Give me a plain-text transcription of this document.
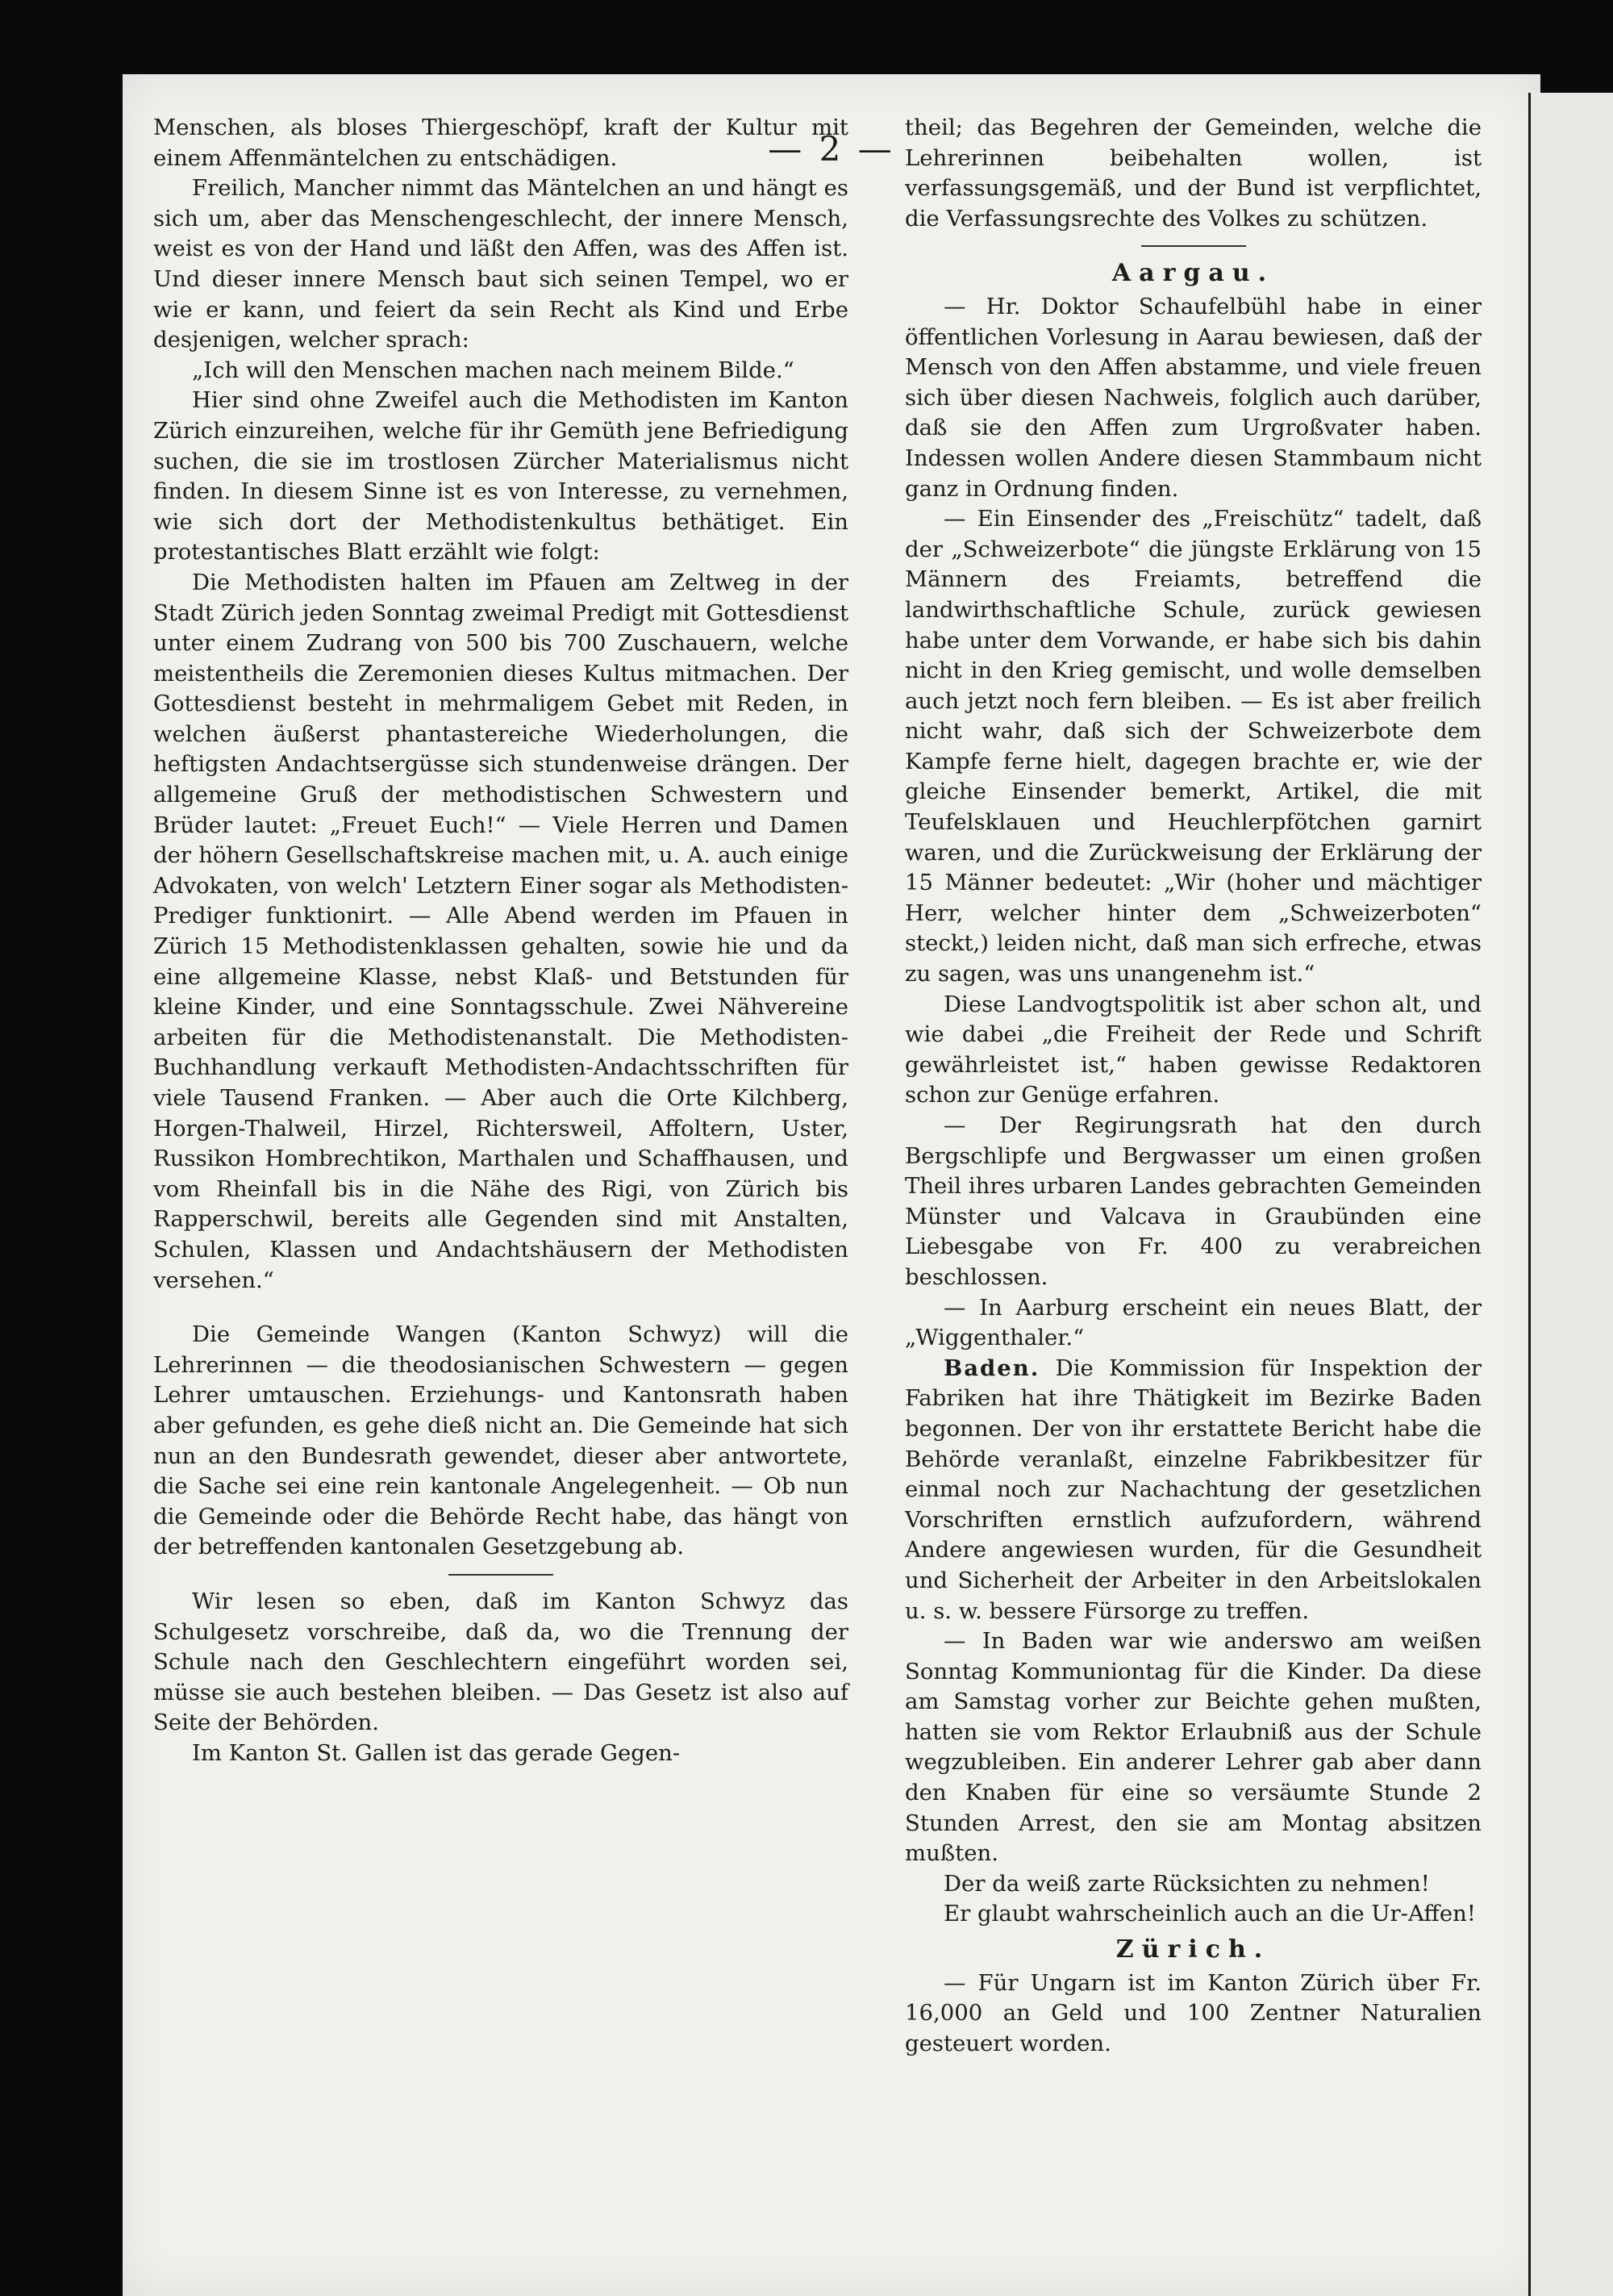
— 2 —

Menschen, als bloses Thiergeschöpf, kraft der Kultur mit einem Affenmäntelchen zu entschädigen.

Freilich, Mancher nimmt das Mäntelchen an und hängt es sich um, aber das Menschengeschlecht, der innere Mensch, weist es von der Hand und läßt den Affen, was des Affen ist. Und dieser innere Mensch baut sich seinen Tempel, wo er wie er kann, und feiert da sein Recht als Kind und Erbe desjenigen, welcher sprach:

„Ich will den Menschen machen nach meinem Bilde.“

Hier sind ohne Zweifel auch die Methodisten im Kanton Zürich einzureihen, welche für ihr Gemüth jene Befriedigung suchen, die sie im trostlosen Zürcher Materialismus nicht finden. In diesem Sinne ist es von Interesse, zu vernehmen, wie sich dort der Methodistenkultus bethätiget. Ein protestantisches Blatt erzählt wie folgt:

Die Methodisten halten im Pfauen am Zeltweg in der Stadt Zürich jeden Sonntag zweimal Predigt mit Gottesdienst unter einem Zudrang von 500 bis 700 Zuschauern, welche meistentheils die Zeremonien dieses Kultus mitmachen. Der Gottesdienst besteht in mehrmaligem Gebet mit Reden, in welchen äußerst phantastereiche Wiederholungen, die heftigsten Andachtsergüsse sich stundenweise drängen. Der allgemeine Gruß der methodistischen Schwestern und Brüder lautet: „Freuet Euch!“ — Viele Herren und Damen der höhern Gesellschaftskreise machen mit, u. A. auch einige Advokaten, von welch' Letztern Einer sogar als Methodisten-Prediger funktionirt. — Alle Abend werden im Pfauen in Zürich 15 Methodistenklassen gehalten, sowie hie und da eine allgemeine Klasse, nebst Klaß- und Betstunden für kleine Kinder, und eine Sonntagsschule. Zwei Nähvereine arbeiten für die Methodistenanstalt. Die Methodisten-Buchhandlung verkauft Methodisten-Andachtsschriften für viele Tausend Franken. — Aber auch die Orte Kilchberg, Horgen-Thalweil, Hirzel, Richtersweil, Affoltern, Uster, Russikon Hombrechtikon, Marthalen und Schaffhausen, und vom Rheinfall bis in die Nähe des Rigi, von Zürich bis Rapperschwil, bereits alle Gegenden sind mit Anstalten, Schulen, Klassen und Andachtshäusern der Methodisten versehen.“

Die Gemeinde Wangen (Kanton Schwyz) will die Lehrerinnen — die theodosianischen Schwestern — gegen Lehrer umtauschen. Erziehungs- und Kantonsrath haben aber gefunden, es gehe dieß nicht an. Die Gemeinde hat sich nun an den Bundesrath gewendet, dieser aber antwortete, die Sache sei eine rein kantonale Angelegenheit. — Ob nun die Gemeinde oder die Behörde Recht habe, das hängt von der betreffenden kantonalen Gesetzgebung ab.

Wir lesen so eben, daß im Kanton Schwyz das Schulgesetz vorschreibe, daß da, wo die Trennung der Schule nach den Geschlechtern eingeführt worden sei, müsse sie auch bestehen bleiben. — Das Gesetz ist also auf Seite der Behörden.

Im Kanton St. Gallen ist das gerade Gegen-

theil; das Begehren der Gemeinden, welche die Lehrerinnen beibehalten wollen, ist verfassungsgemäß, und der Bund ist verpflichtet, die Verfassungsrechte des Volkes zu schützen.

Aargau.

— Hr. Doktor Schaufelbühl habe in einer öffentlichen Vorlesung in Aarau bewiesen, daß der Mensch von den Affen abstamme, und viele freuen sich über diesen Nachweis, folglich auch darüber, daß sie den Affen zum Urgroßvater haben. Indessen wollen Andere diesen Stammbaum nicht ganz in Ordnung finden.

— Ein Einsender des „Freischütz“ tadelt, daß der „Schweizerbote“ die jüngste Erklärung von 15 Männern des Freiamts, betreffend die landwirthschaftliche Schule, zurück gewiesen habe unter dem Vorwande, er habe sich bis dahin nicht in den Krieg gemischt, und wolle demselben auch jetzt noch fern bleiben. — Es ist aber freilich nicht wahr, daß sich der Schweizerbote dem Kampfe ferne hielt, dagegen brachte er, wie der gleiche Einsender bemerkt, Artikel, die mit Teufelsklauen und Heuchlerpfötchen garnirt waren, und die Zurückweisung der Erklärung der 15 Männer bedeutet: „Wir (hoher und mächtiger Herr, welcher hinter dem „Schweizerboten“ steckt,) leiden nicht, daß man sich erfreche, etwas zu sagen, was uns unangenehm ist.“

Diese Landvogtspolitik ist aber schon alt, und wie dabei „die Freiheit der Rede und Schrift gewährleistet ist,“ haben gewisse Redaktoren schon zur Genüge erfahren.

— Der Regirungsrath hat den durch Bergschlipfe und Bergwasser um einen großen Theil ihres urbaren Landes gebrachten Gemeinden Münster und Valcava in Graubünden eine Liebesgabe von Fr. 400 zu verabreichen beschlossen.

— In Aarburg erscheint ein neues Blatt, der „Wiggenthaler.“

Baden. Die Kommission für Inspektion der Fabriken hat ihre Thätigkeit im Bezirke Baden begonnen. Der von ihr erstattete Bericht habe die Behörde veranlaßt, einzelne Fabrikbesitzer für einmal noch zur Nachachtung der gesetzlichen Vorschriften ernstlich aufzufordern, während Andere angewiesen wurden, für die Gesundheit und Sicherheit der Arbeiter in den Arbeitslokalen u. s. w. bessere Fürsorge zu treffen.

— In Baden war wie anderswo am weißen Sonntag Kommuniontag für die Kinder. Da diese am Samstag vorher zur Beichte gehen mußten, hatten sie vom Rektor Erlaubniß aus der Schule wegzubleiben. Ein anderer Lehrer gab aber dann den Knaben für eine so versäumte Stunde 2 Stunden Arrest, den sie am Montag absitzen mußten.

Der da weiß zarte Rücksichten zu nehmen!

Er glaubt wahrscheinlich auch an die Ur-Affen!

Zürich.

— Für Ungarn ist im Kanton Zürich über Fr. 16,000 an Geld und 100 Zentner Naturalien gesteuert worden.
